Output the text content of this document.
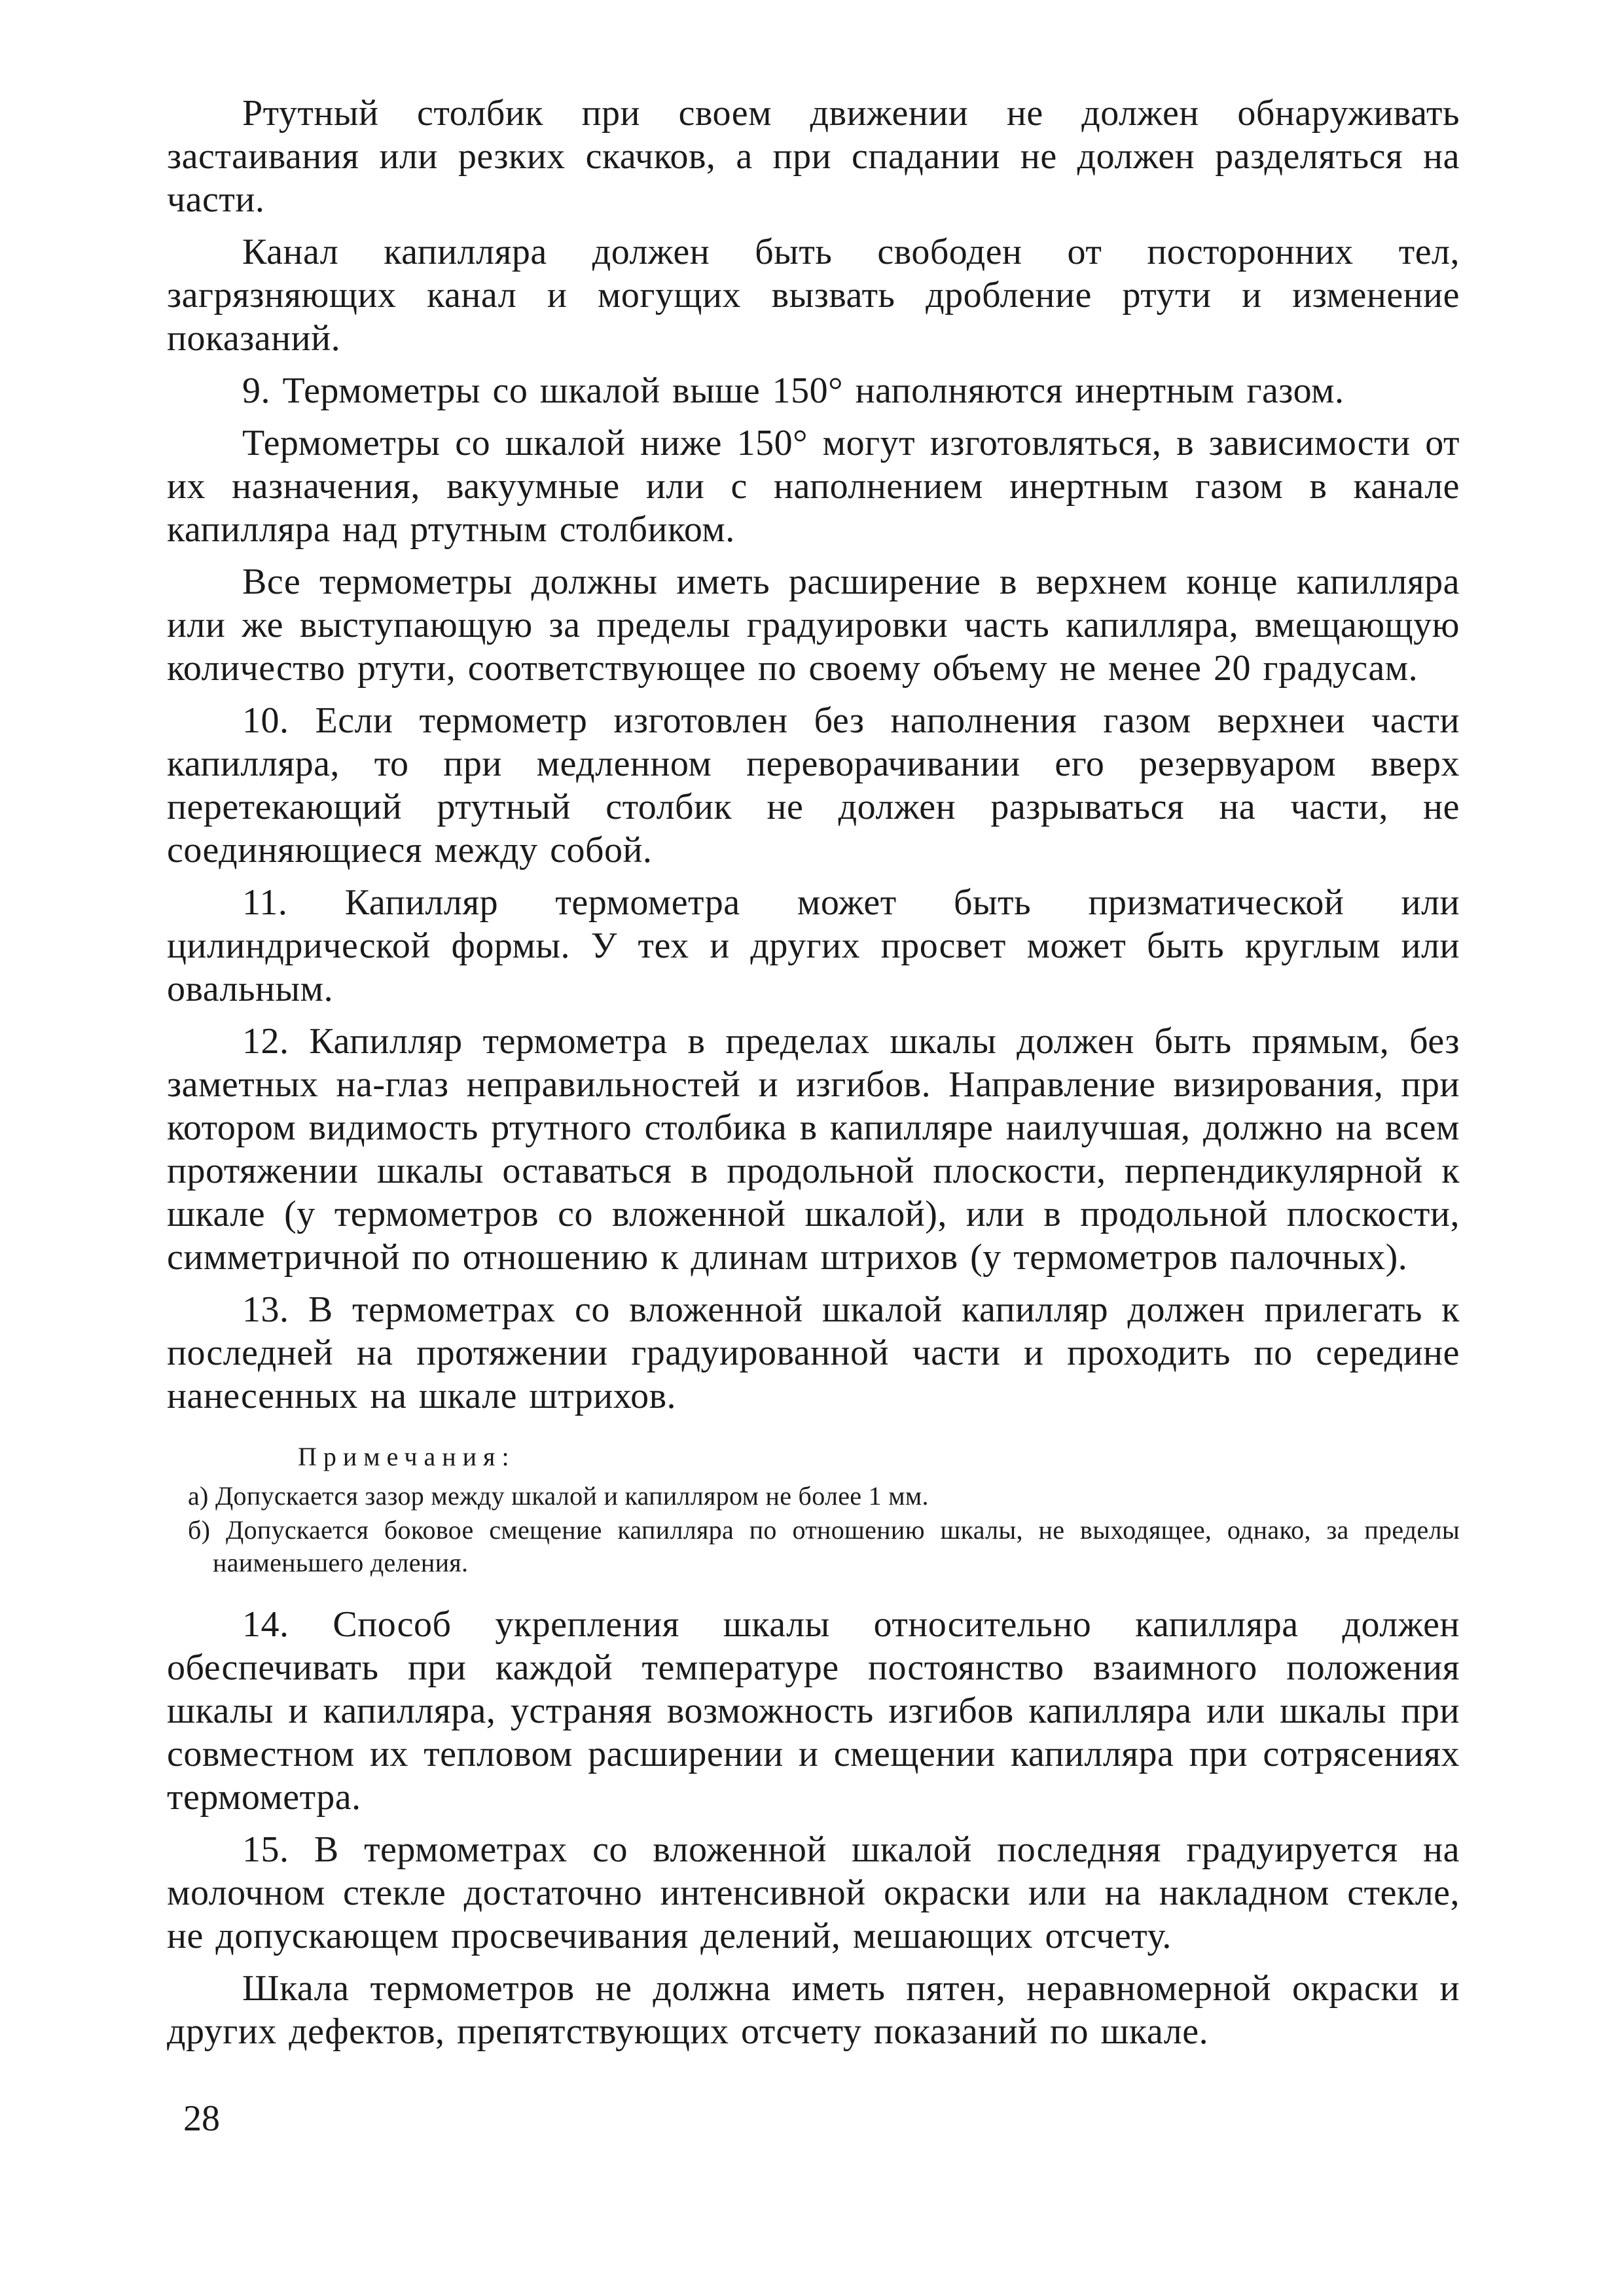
Ртутный столбик при своем движении не должен обнаруживать застаивания или резких скачков, а при спадании не должен разделяться на части.

Канал капилляра должен быть свободен от посторонних тел, загрязняющих канал и могущих вызвать дробление ртути и изменение показаний.

9. Термометры со шкалой выше 150° наполняются инертным газом.

Термометры со шкалой ниже 150° могут изготовляться, в зависимости от их назначения, вакуумные или с наполнением инертным газом в канале капилляра над ртутным столбиком.

Все термометры должны иметь расширение в верхнем конце капилляра или же выступающую за пределы градуировки часть капилляра, вмещающую количество ртути, соответствующее по своему объему не менее 20 градусам.

10. Если термометр изготовлен без наполнения газом верхнеи части капилляра, то при медленном переворачивании его резервуаром вверх перетекающий ртутный столбик не должен разрываться на части, не соединяющиеся между собой.

11. Капилляр термометра может быть призматической или цилиндрической формы. У тех и других просвет может быть круглым или овальным.

12. Капилляр термометра в пределах шкалы должен быть прямым, без заметных на-глаз неправильностей и изгибов. Направление визирования, при котором видимость ртутного столбика в капилляре наилучшая, должно на всем протяжении шкалы оставаться в продольной плоскости, перпендикулярной к шкале (у термометров со вложенной шкалой), или в продольной плоскости, симметричной по отношению к длинам штрихов (у термометров палочных).

13. В термометрах со вложенной шкалой капилляр должен прилегать к последней на протяжении градуированной части и проходить по середине нанесенных на шкале штрихов.

Примечания:

а) Допускается зазор между шкалой и капилляром не более 1 мм.

б) Допускается боковое смещение капилляра по отношению шкалы, не выходящее, однако, за пределы наименьшего деления.

14. Способ укрепления шкалы относительно капилляра должен обеспечивать при каждой температуре постоянство взаимного положения шкалы и капилляра, устраняя возможность изгибов капилляра или шкалы при совместном их тепловом расширении и смещении капилляра при сотрясениях термометра.

15. В термометрах со вложенной шкалой последняя градуируется на молочном стекле достаточно интенсивной окраски или на накладном стекле, не допускающем просвечивания делений, мешающих отсчету.

Шкала термометров не должна иметь пятен, неравномерной окраски и других дефектов, препятствующих отсчету показаний по шкале.

28
